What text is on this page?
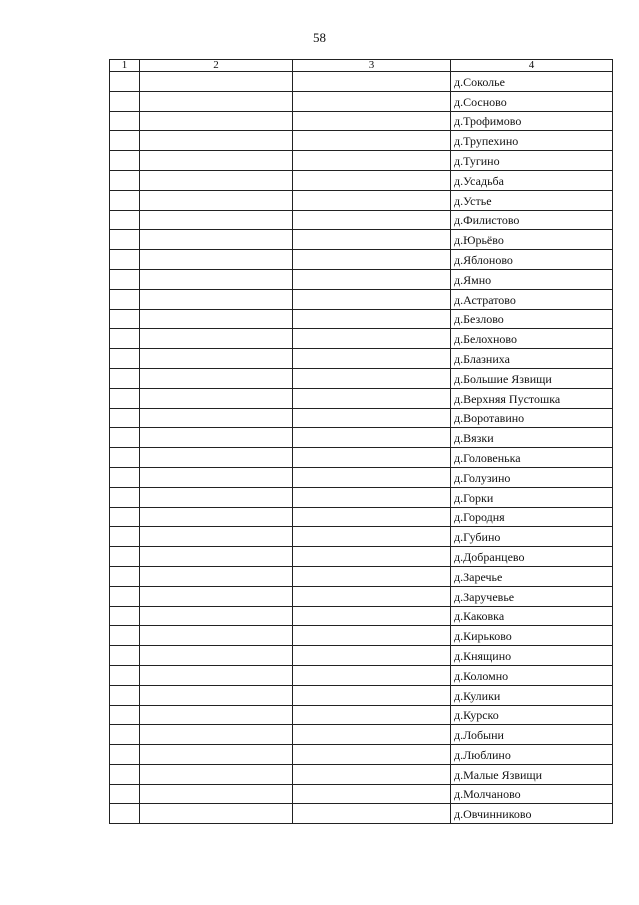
58
1	2	3	4
			д.Соколье
			д.Сосново
			д.Трофимово
			д.Трупехино
			д.Тугино
			д.Усадьба
			д.Устье
			д.Филистово
			д.Юрьёво
			д.Яблоново
			д.Ямно
			д.Астратово
			д.Безлово
			д.Белохново
			д.Блазниха
			д.Большие Язвищи
			д.Верхняя Пустошка
			д.Воротавино
			д.Вязки
			д.Головенька
			д.Голузино
			д.Горки
			д.Городня
			д.Губино
			д.Добранцево
			д.Заречье
			д.Заручевье
			д.Каковка
			д.Кирьково
			д.Княщино
			д.Коломно
			д.Кулики
			д.Курско
			д.Лобыни
			д.Люблино
			д.Малые Язвищи
			д.Молчаново
			д.Овчинниково
